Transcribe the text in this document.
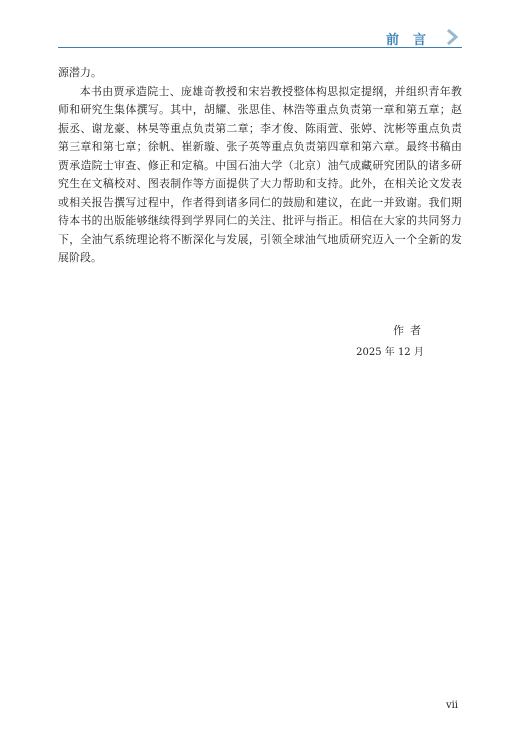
前言

源潜力。

本书由贾承造院士、庞雄奇教授和宋岩教授整体构思拟定提纲，并组织青年教师和研究生集体撰写。其中，胡耀、张思佳、林浩等重点负责第一章和第五章；赵振丞、谢龙豪、林昊等重点负责第二章；李才俊、陈雨萱、张婷、沈彬等重点负责第三章和第七章；徐帆、崔新璇、张子英等重点负责第四章和第六章。最终书稿由贾承造院士审查、修正和定稿。中国石油大学（北京）油气成藏研究团队的诸多研究生在文稿校对、图表制作等方面提供了大力帮助和支持。此外，在相关论文发表或相关报告撰写过程中，作者得到诸多同仁的鼓励和建议，在此一并致谢。我们期待本书的出版能够继续得到学界同仁的关注、批评与指正。相信在大家的共同努力下，全油气系统理论将不断深化与发展，引领全球油气地质研究迈入一个全新的发展阶段。

作者
2025 年 12 月
vii
